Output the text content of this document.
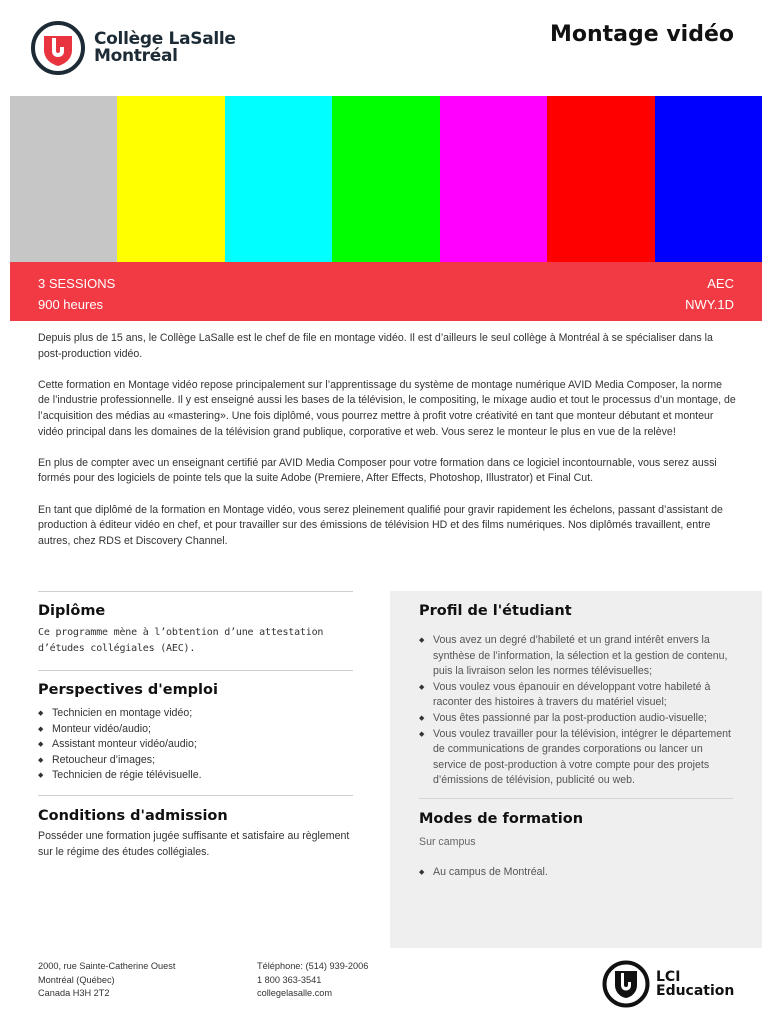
Collège LaSalle
Montréal
Montage vidéo
3 SESSIONS
900 heures
AEC
NWY.1D

Depuis plus de 15 ans, le Collège LaSalle est le chef de file en montage vidéo. Il est d’ailleurs le seul collège à Montréal à se spécialiser dans la post-production vidéo.

Cette formation en Montage vidéo repose principalement sur l’apprentissage du système de montage numérique AVID Media Composer, la norme de l’industrie professionnelle. Il y est enseigné aussi les bases de la télévision, le compositing, le mixage audio et tout le processus d’un montage, de l’acquisition des médias au «mastering». Une fois diplômé, vous pourrez mettre à profit votre créativité en tant que monteur débutant et monteur vidéo principal dans les domaines de la télévision grand publique, corporative et web. Vous serez le monteur le plus en vue de la relève!

En plus de compter avec un enseignant certifié par AVID Media Composer pour votre formation dans ce logiciel incontournable, vous serez aussi formés pour des logiciels de pointe tels que la suite Adobe (Premiere, After Effects, Photoshop, Illustrator) et Final Cut.

En tant que diplômé de la formation en Montage vidéo, vous serez pleinement qualifié pour gravir rapidement les échelons, passant d’assistant de production à éditeur vidéo en chef, et pour travailler sur des émissions de télévision HD et des films numériques. Nos diplômés travaillent, entre autres, chez RDS et Discovery Channel.

Diplôme
Ce programme mène à l’obtention d’une attestation d’études collégiales (AEC).
Perspectives d'emploi
◆ Technicien en montage vidéo;
◆ Monteur vidéo/audio;
◆ Assistant monteur vidéo/audio;
◆ Retoucheur d’images;
◆ Technicien de régie télévisuelle.
Conditions d'admission
Posséder une formation jugée suffisante et satisfaire au règlement sur le régime des études collégiales.
Profil de l'étudiant
◆ Vous avez un degré d’habileté et un grand intérêt envers la synthèse de l’information, la sélection et la gestion de contenu, puis la livraison selon les normes télévisuelles;
◆ Vous voulez vous épanouir en développant votre habileté à raconter des histoires à travers du matériel visuel;
◆ Vous êtes passionné par la post-production audio-visuelle;
◆ Vous voulez travailler pour la télévision, intégrer le département de communications de grandes corporations ou lancer un service de post-production à votre compte pour des projets d’émissions de télévision, publicité ou web.
Modes de formation
Sur campus
◆ Au campus de Montréal.
2000, rue Sainte-Catherine Ouest
Montréal (Québec)
Canada H3H 2T2
Téléphone: (514) 939-2006
1 800 363-3541
collegelasalle.com
LCI
Education
